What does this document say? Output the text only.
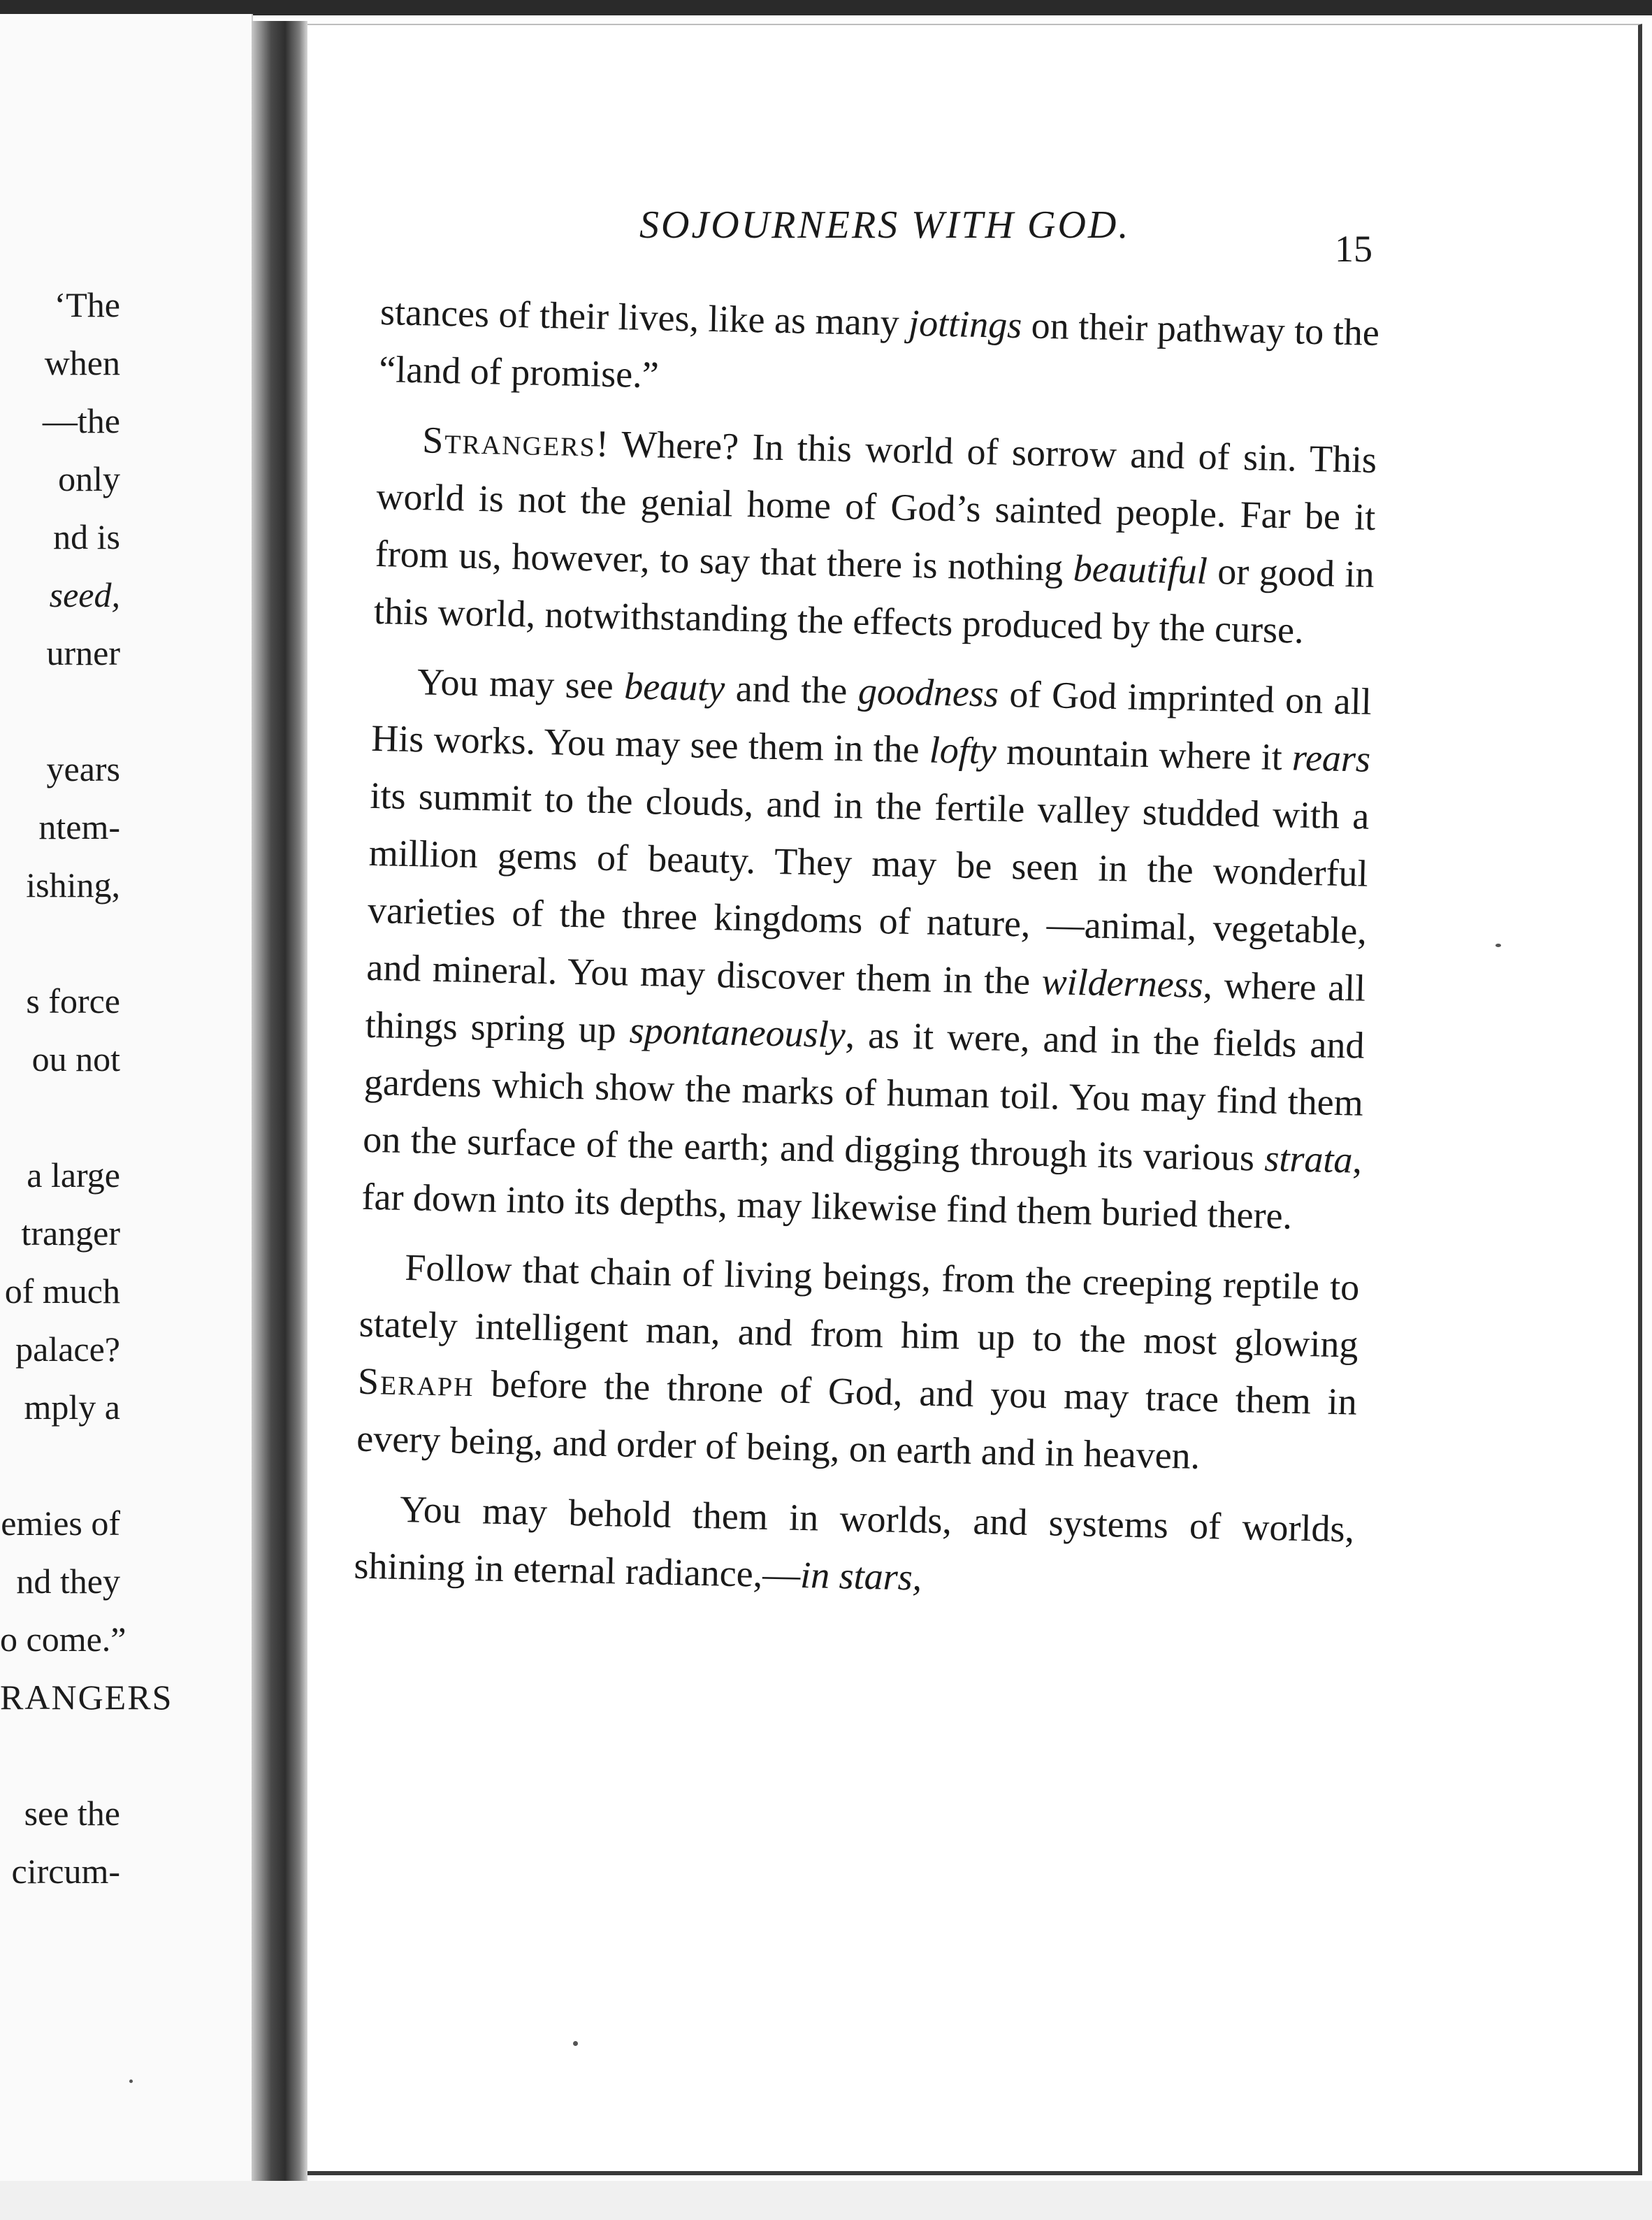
‘The
when
—the
only
nd is
seed,
urner
years
ntem-
ishing,
s force
ou not
a large
tranger
of much
palace?
mply a
emies of
nd they
o come.”
RANGERS
see the
circum-
SOJOURNERS WITH GOD.
15

stances of their lives, like as many jottings on their pathway to the “land of promise.”

Strangers! Where? In this world of sorrow and of sin. This world is not the genial home of God’s sainted people. Far be it from us, however, to say that there is nothing beautiful or good in this world, notwithstanding the effects produced by the curse.

You may see beauty and the goodness of God imprinted on all His works. You may see them in the lofty mountain where it rears its summit to the clouds, and in the fertile valley studded with a million gems of beauty. They may be seen in the wonderful varieties of the three kingdoms of nature, —animal, vegetable, and mineral. You may discover them in the wilderness, where all things spring up spontaneously, as it were, and in the fields and gardens which show the marks of human toil. You may find them on the surface of the earth; and digging through its various strata, far down into its depths, may likewise find them buried there.

Follow that chain of living beings, from the creeping reptile to stately intelligent man, and from him up to the most glowing Seraph before the throne of God, and you may trace them in every being, and order of being, on earth and in heaven.

You may behold them in worlds, and systems of worlds, shining in eternal radiance,—in stars,
